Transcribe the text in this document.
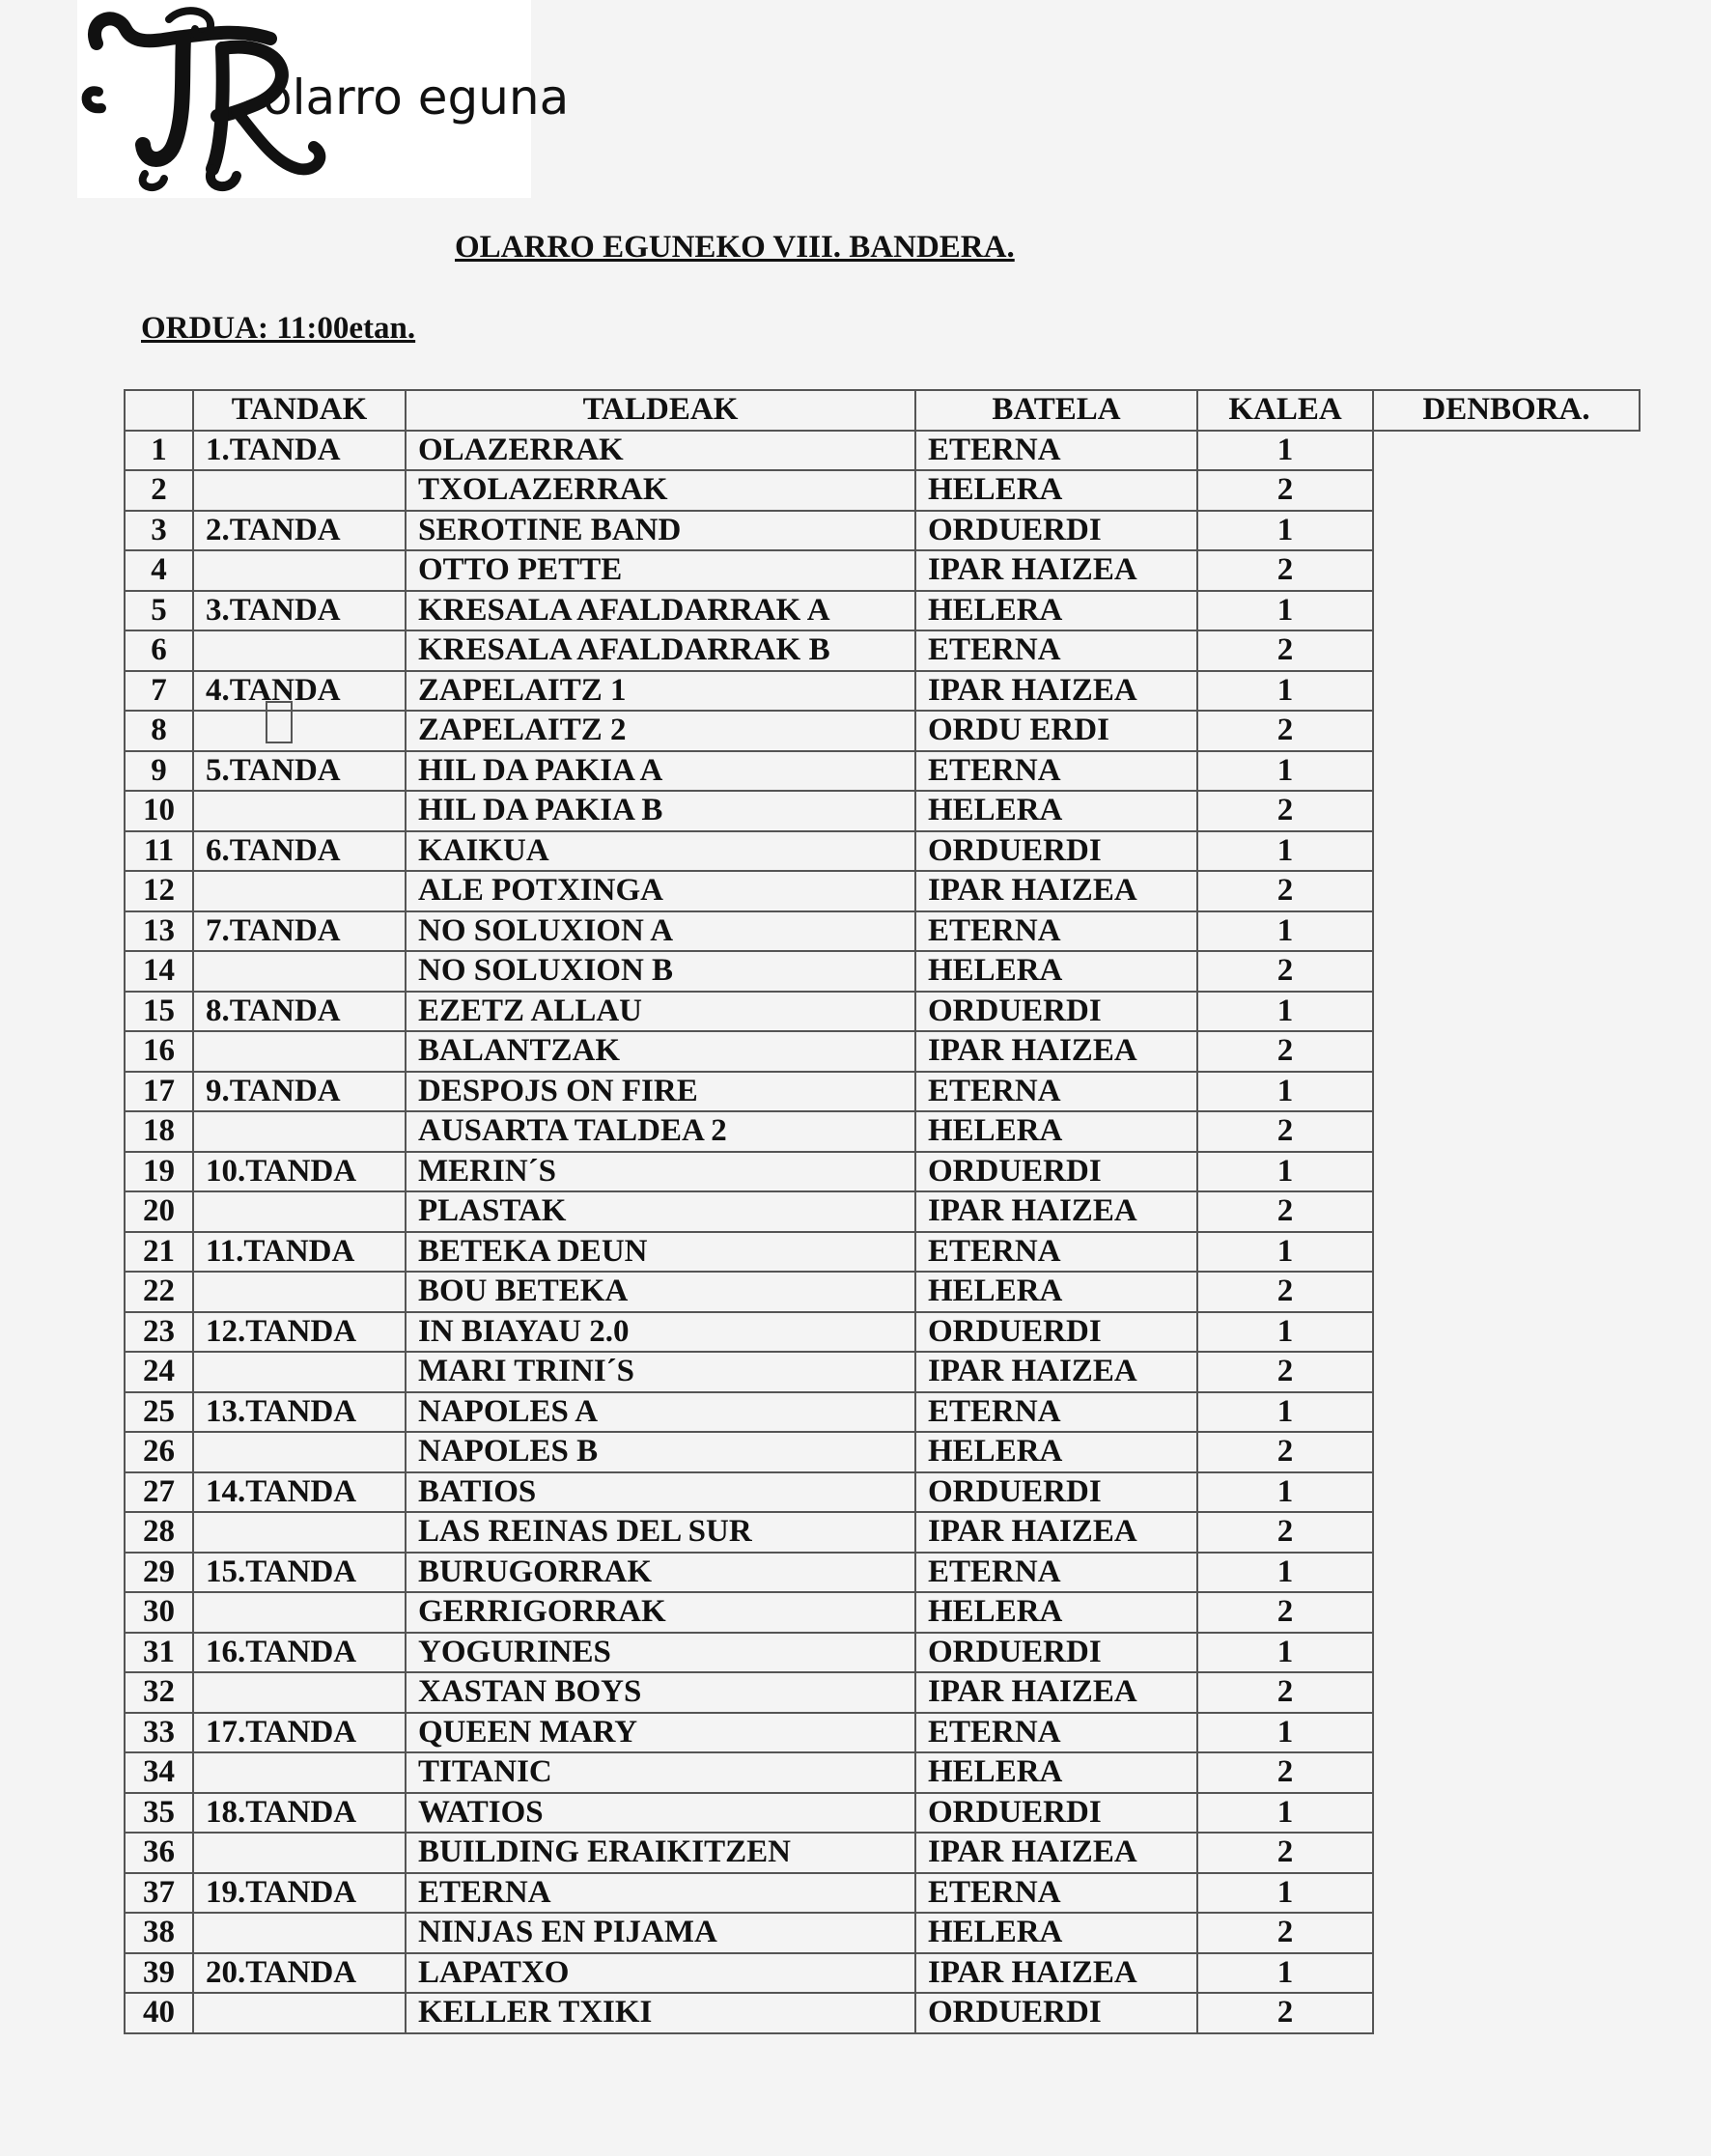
olarro eguna
OLARRO EGUNEKO VIII. BANDERA.
ORDUA: 11:00etan.
	TANDAK	TALDEAK	BATELA	KALEA	DENBORA.
1	1.TANDA	OLAZERRAK	ETERNA	1	

2		TXOLAZERRAK	HELERA	2	

3	2.TANDA	SEROTINE BAND	ORDUERDI	1	

4		OTTO PETTE	IPAR HAIZEA	2	

5	3.TANDA	KRESALA AFALDARRAK A	HELERA	1	

6		KRESALA AFALDARRAK B	ETERNA	2	

7	4.TANDA	ZAPELAITZ 1	IPAR HAIZEA	1	

8		ZAPELAITZ 2	ORDU ERDI	2	

9	5.TANDA	HIL DA PAKIA A	ETERNA	1	

10		HIL DA PAKIA B	HELERA	2	

11	6.TANDA	KAIKUA	ORDUERDI	1	

12		ALE POTXINGA	IPAR HAIZEA	2	

13	7.TANDA	NO SOLUXION A	ETERNA	1	

14		NO SOLUXION B	HELERA	2	

15	8.TANDA	EZETZ ALLAU	ORDUERDI	1	

16		BALANTZAK	IPAR HAIZEA	2	

17	9.TANDA	DESPOJS ON FIRE	ETERNA	1	

18		AUSARTA TALDEA 2	HELERA	2	

19	10.TANDA	MERIN´S	ORDUERDI	1	

20		PLASTAK	IPAR HAIZEA	2	

21	11.TANDA	BETEKA DEUN	ETERNA	1	

22		BOU BETEKA	HELERA	2	

23	12.TANDA	IN BIAYAU 2.0	ORDUERDI	1	

24		MARI TRINI´S	IPAR HAIZEA	2	

25	13.TANDA	NAPOLES A	ETERNA	1	

26		NAPOLES B	HELERA	2	

27	14.TANDA	BATIOS	ORDUERDI	1	

28		LAS REINAS DEL SUR	IPAR HAIZEA	2	

29	15.TANDA	BURUGORRAK	ETERNA	1	

30		GERRIGORRAK	HELERA	2	

31	16.TANDA	YOGURINES	ORDUERDI	1	

32		XASTAN BOYS	IPAR HAIZEA	2	

33	17.TANDA	QUEEN MARY	ETERNA	1	

34		TITANIC	HELERA	2	

35	18.TANDA	WATIOS	ORDUERDI	1	

36		BUILDING ERAIKITZEN	IPAR HAIZEA	2	

37	19.TANDA	ETERNA	ETERNA	1	

38		NINJAS EN PIJAMA	HELERA	2	

39	20.TANDA	LAPATXO	IPAR HAIZEA	1	

40		KELLER TXIKI	ORDUERDI	2	
